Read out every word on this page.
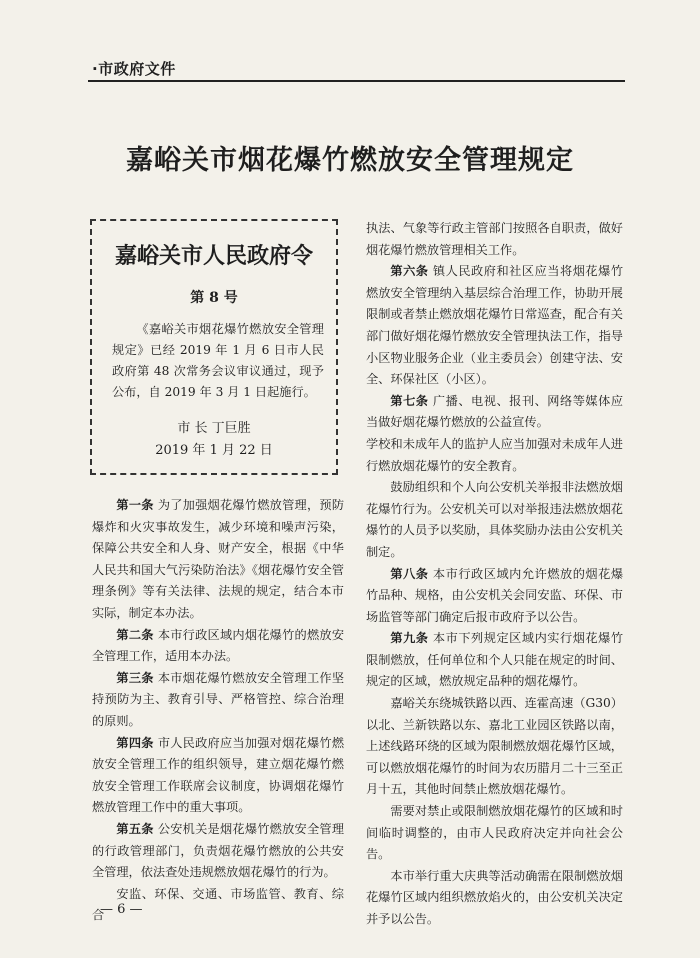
·市政府文件
嘉峪关市烟花爆竹燃放安全管理规定
嘉峪关市人民政府令
第 8 号
《嘉峪关市烟花爆竹燃放安全管理规定》已经 2019 年 1 月 6 日市人民政府第 48 次常务会议审议通过，现予公布，自 2019 年 3 月 1 日起施行。
市 长 丁巨胜
2019 年 1 月 22 日

第一条 为了加强烟花爆竹燃放管理，预防爆炸和火灾事故发生，减少环境和噪声污染，保障公共安全和人身、财产安全，根据《中华人民共和国大气污染防治法》《烟花爆竹安全管理条例》等有关法律、法规的规定，结合本市实际，制定本办法。

第二条 本市行政区域内烟花爆竹的燃放安全管理工作，适用本办法。

第三条 本市烟花爆竹燃放安全管理工作坚持预防为主、教育引导、严格管控、综合治理的原则。

第四条 市人民政府应当加强对烟花爆竹燃放安全管理工作的组织领导，建立烟花爆竹燃放安全管理工作联席会议制度，协调烟花爆竹燃放管理工作中的重大事项。

第五条 公安机关是烟花爆竹燃放安全管理的行政管理部门，负责烟花爆竹燃放的公共安全管理，依法查处违规燃放烟花爆竹的行为。

安监、环保、交通、市场监管、教育、综合

执法、气象等行政主管部门按照各自职责，做好烟花爆竹燃放管理相关工作。

第六条 镇人民政府和社区应当将烟花爆竹燃放安全管理纳入基层综合治理工作，协助开展限制或者禁止燃放烟花爆竹日常巡查，配合有关部门做好烟花爆竹燃放安全管理执法工作，指导小区物业服务企业（业主委员会）创建守法、安全、环保社区（小区）。

第七条 广播、电视、报刊、网络等媒体应当做好烟花爆竹燃放的公益宣传。

学校和未成年人的监护人应当加强对未成年人进行燃放烟花爆竹的安全教育。

鼓励组织和个人向公安机关举报非法燃放烟花爆竹行为。公安机关可以对举报违法燃放烟花爆竹的人员予以奖励，具体奖励办法由公安机关制定。

第八条 本市行政区域内允许燃放的烟花爆竹品种、规格，由公安机关会同安监、环保、市场监管等部门确定后报市政府予以公告。

第九条 本市下列规定区域内实行烟花爆竹限制燃放，任何单位和个人只能在规定的时间、规定的区域，燃放规定品种的烟花爆竹。

嘉峪关东绕城铁路以西、连霍高速（G30）以北、兰新铁路以东、嘉北工业园区铁路以南，上述线路环绕的区域为限制燃放烟花爆竹区域，可以燃放烟花爆竹的时间为农历腊月二十三至正月十五，其他时间禁止燃放烟花爆竹。

需要对禁止或限制燃放烟花爆竹的区域和时间临时调整的，由市人民政府决定并向社会公告。

本市举行重大庆典等活动确需在限制燃放烟花爆竹区域内组织燃放焰火的，由公安机关决定并予以公告。

— 6 —
